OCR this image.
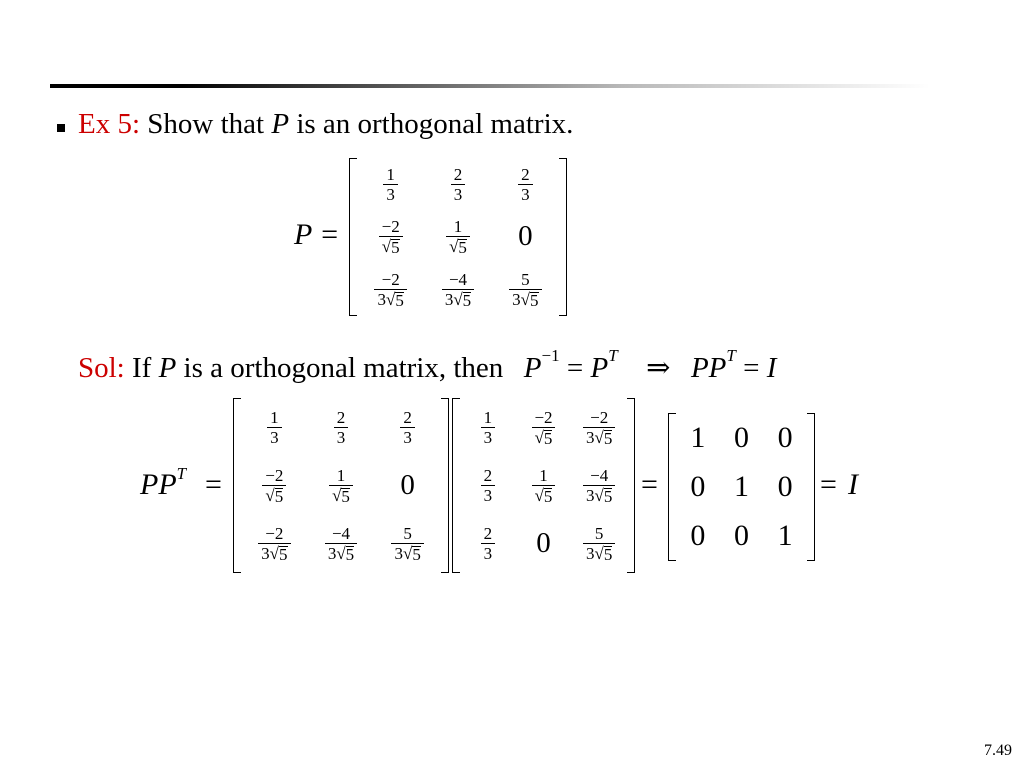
Ex 5: Show that P is an orthogonal matrix.
P =
$\frac{1}{3}$	$\frac{2}{3}$	$\frac{2}{3}$
$\frac{-2}{√ 5}$	$\frac{1}{√ 5} 0$
$\frac{-2}{3 √ 5} \frac{-4}{3 √ 5} \frac{5}{3 √ 5}$
Sol: If P is a orthogonal matrix, then $P^{-1} = P^T$ ⇒ $PP^T = I$
$PP^T$ =
$\frac{1}{3}$	$\frac{2}{3}$	$\frac{2}{3}$
$\frac{-2}{√ 5}$	$\frac{1}{√ 5} 0$
$\frac{-2}{3 √ 5} \frac{-4}{3 √ 5} \frac{5}{3 √ 5}$
$\frac{1}{3} \frac{-2}{√ 5} \frac{-2}{3 √ 5}$
$\frac{2}{3} \frac{1}{√ 5} \frac{-4}{3 √ 5}$
$\frac{2}{3} 0 \frac{5}{3 √ 5}$
=
1 0 0
0 1 0
0 0 1
= I
7.49
